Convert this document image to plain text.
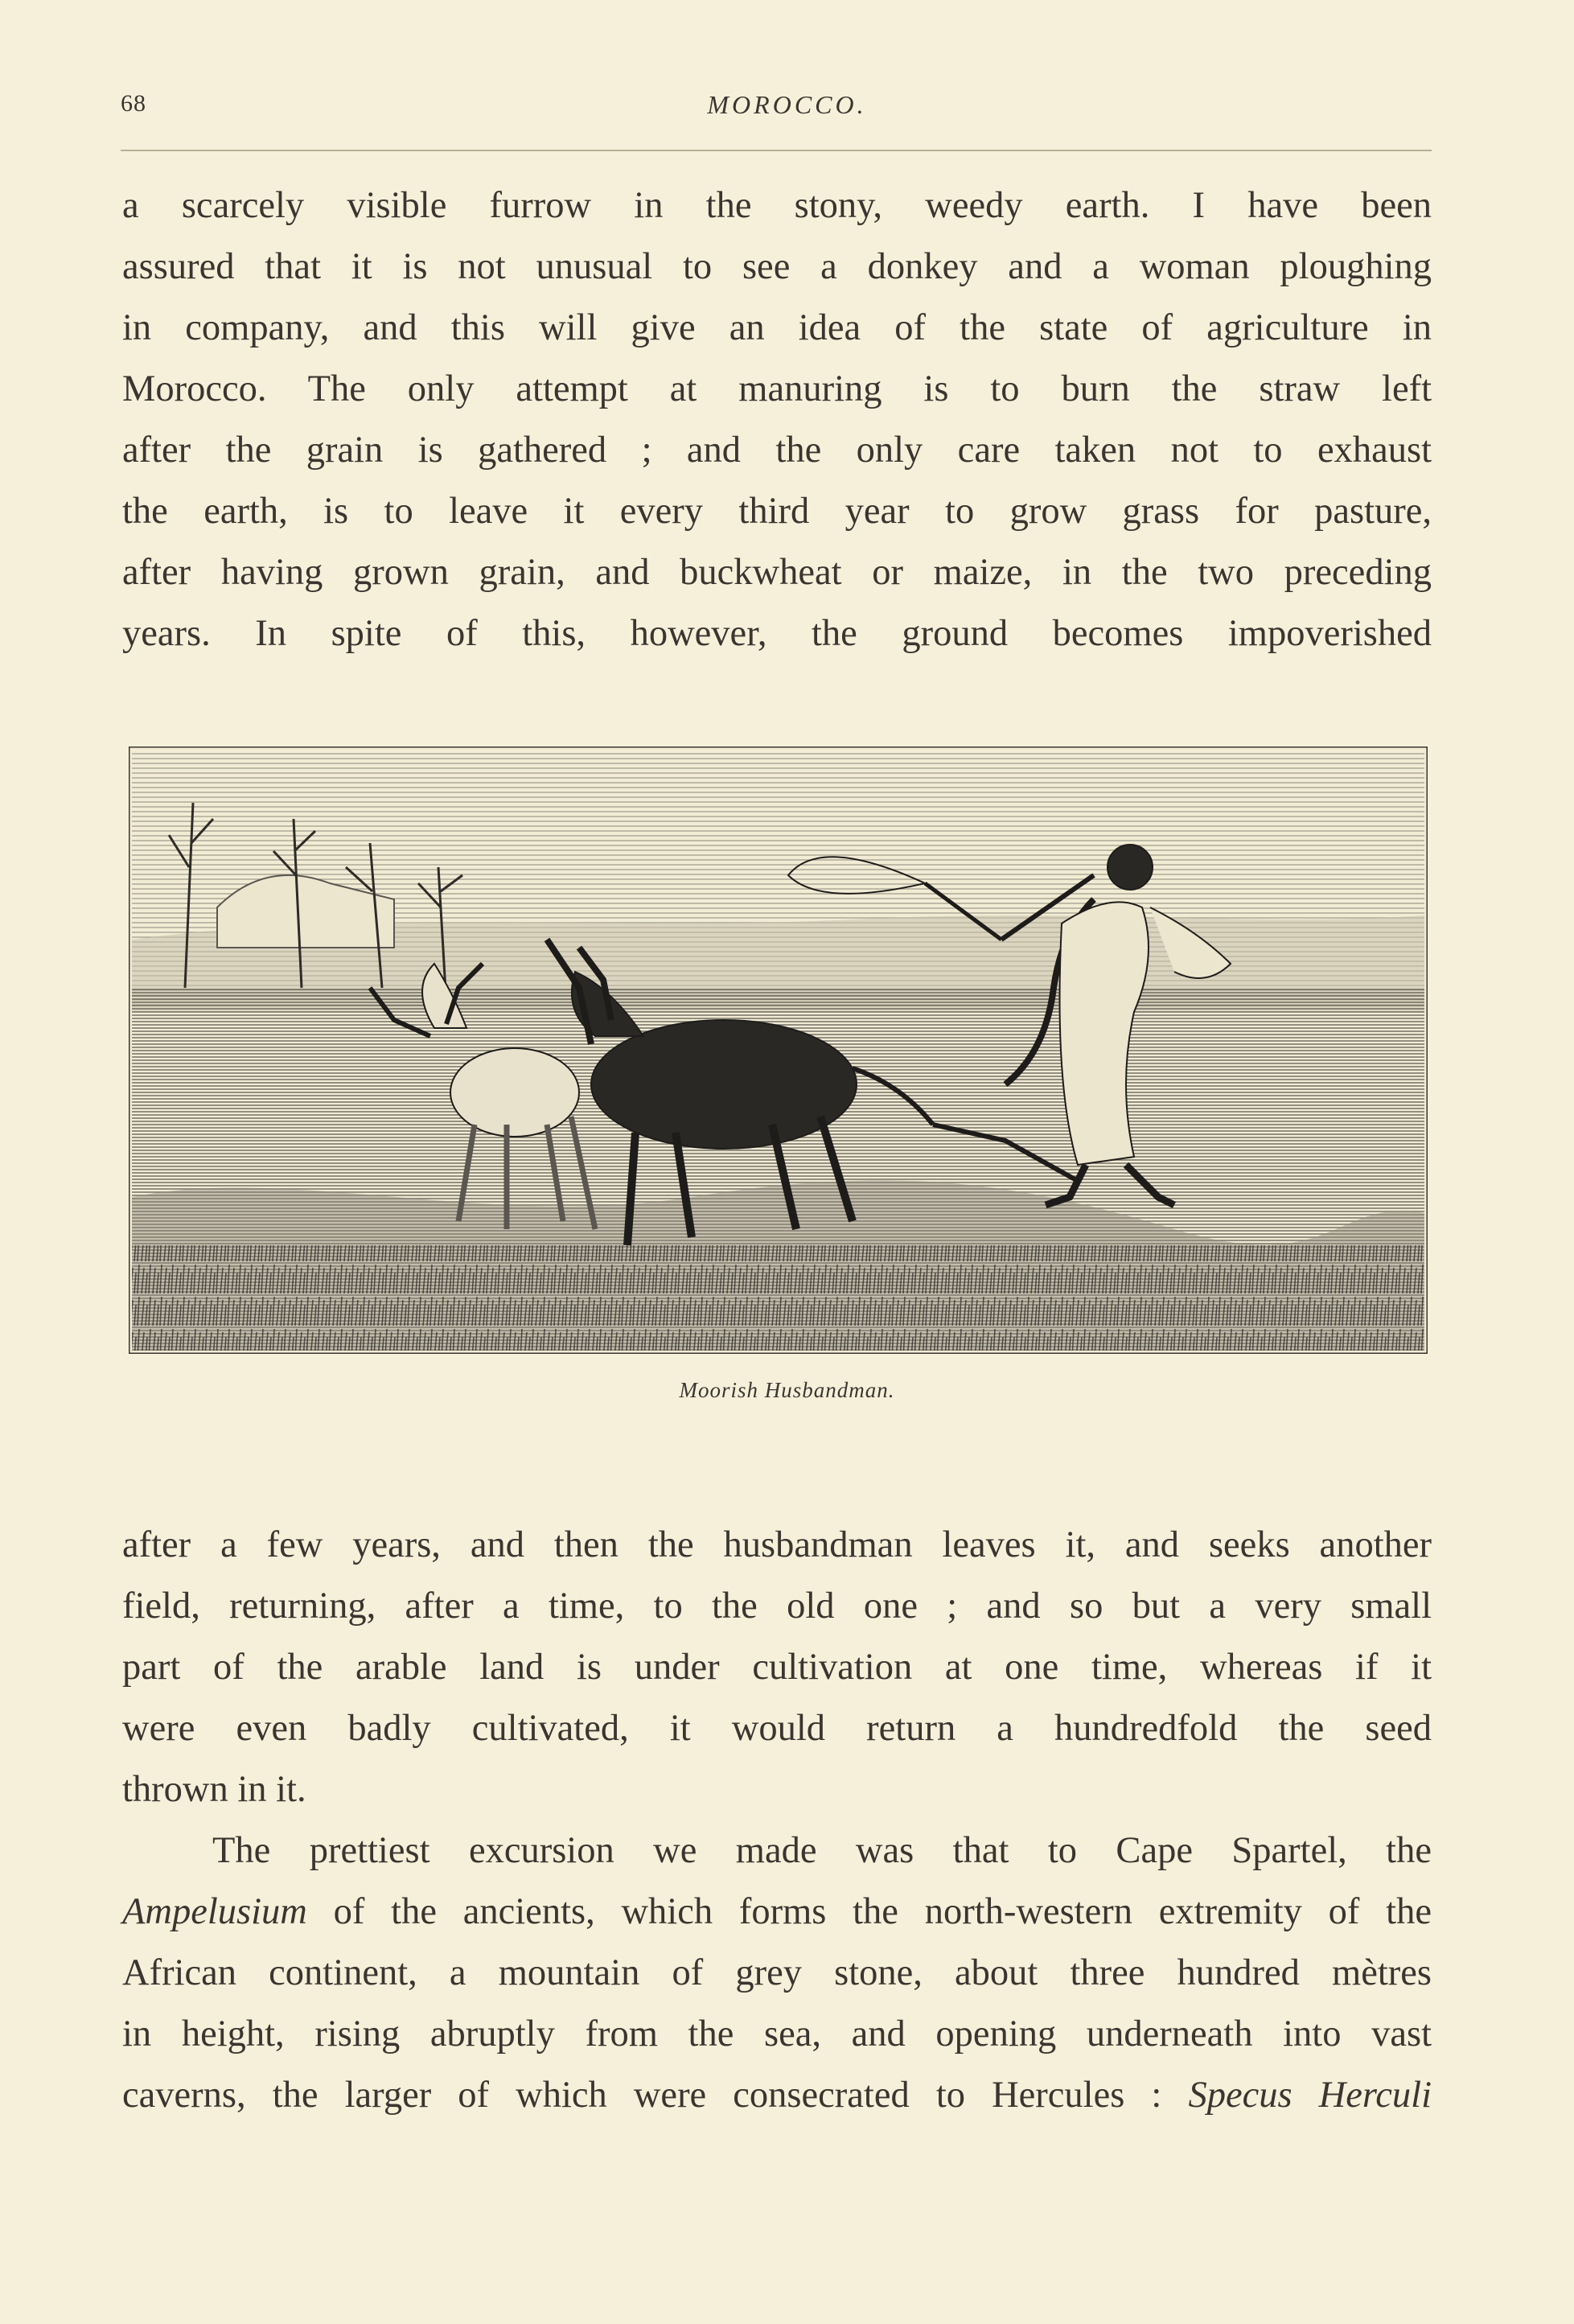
68	MOROCCO.
a scarcely visible furrow in the stony, weedy earth. I have been
assured that it is not unusual to see a donkey and a woman ploughing
in company, and this will give an idea of the state of agriculture in
Morocco. The only attempt at manuring is to burn the straw left
after the grain is gathered ; and the only care taken not to exhaust
the earth, is to leave it every third year to grow grass for pasture,
after having grown grain, and buckwheat or maize, in the two preceding
years. In spite of this, however, the ground becomes impoverished
Moorish Husbandman.
after a few years, and then the husbandman leaves it, and seeks another
field, returning, after a time, to the old one ; and so but a very small
part of the arable land is under cultivation at one time, whereas if it
were even badly cultivated, it would return a hundredfold the seed
thrown in it.
The prettiest excursion we made was that to Cape Spartel, the
Ampelusium of the ancients, which forms the north-western extremity of the
African continent, a mountain of grey stone, about three hundred mètres
in height, rising abruptly from the sea, and opening underneath into vast
caverns, the larger of which were consecrated to Hercules : Specus Herculi
